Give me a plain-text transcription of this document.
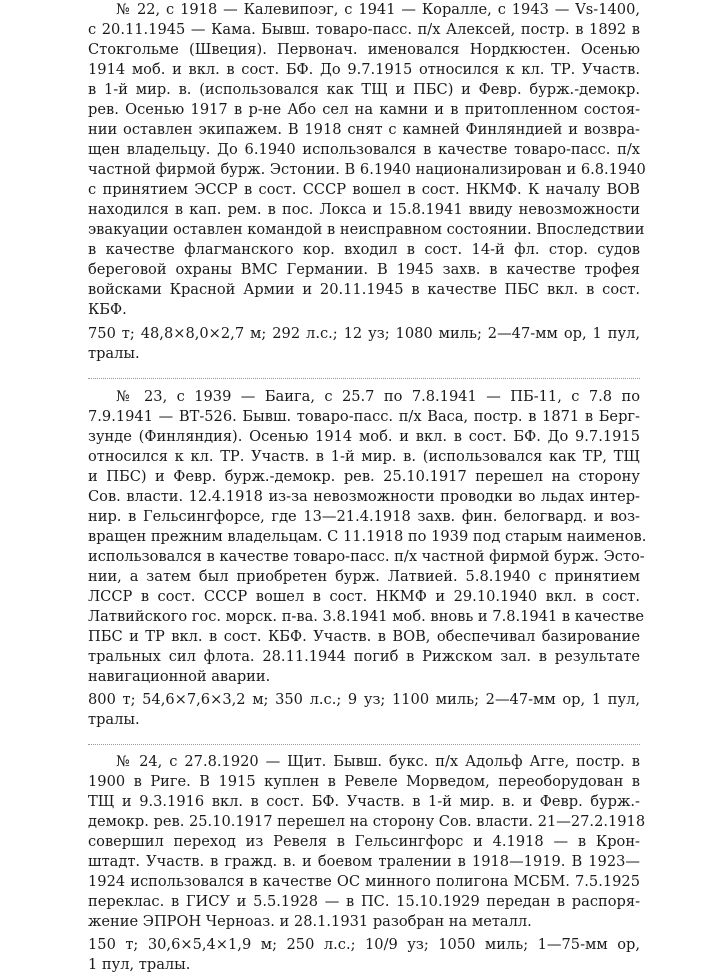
№ 22, с 1918 — Калевипоэг, с 1941 — Коралле, с 1943 — Vs-1400,
с 20.11.1945 — Кама. Бывш. товаро-пасс. п/х Алексей, постр. в 1892 в
Стокгольме (Швеция). Первонач. именовался Нордкюстен. Осенью
1914 моб. и вкл. в сост. БФ. До 9.7.1915 относился к кл. ТР. Участв.
в 1-й мир. в. (использовался как ТЩ и ПБС) и Февр. бурж.-демокр.
рев. Осенью 1917 в р-не Або сел на камни и в притопленном состоя-
нии оставлен экипажем. В 1918 снят с камней Финляндией и возвра-
щен владельцу. До 6.1940 использовался в качестве товаро-пасс. п/х
частной фирмой бурж. Эстонии. В 6.1940 национализирован и 6.8.1940
с принятием ЭССР в сост. СССР вошел в сост. НКМФ. К началу ВОВ
находился в кап. рем. в пос. Локса и 15.8.1941 ввиду невозможности
эвакуации оставлен командой в неисправном состоянии. Впоследствии
в качестве флагманского кор. входил в сост. 14-й фл. стор. судов
береговой охраны ВМС Германии. В 1945 захв. в качестве трофея
войсками Красной Армии и 20.11.1945 в качестве ПБС вкл. в сост.
КБФ.
750 т; 48,8×8,0×2,7 м; 292 л.с.; 12 уз; 1080 миль; 2—47-мм ор, 1 пул,
тралы.
№ 23, с 1939 — Баига, с 25.7 по 7.8.1941 — ПБ-11, с 7.8 по
7.9.1941 — ВТ-526. Бывш. товаро-пасс. п/х Васа, постр. в 1871 в Берг-
зунде (Финляндия). Осенью 1914 моб. и вкл. в сост. БФ. До 9.7.1915
относился к кл. ТР. Участв. в 1-й мир. в. (использовался как ТР, ТЩ
и ПБС) и Февр. бурж.-демокр. рев. 25.10.1917 перешел на сторону
Сов. власти. 12.4.1918 из-за невозможности проводки во льдах интер-
нир. в Гельсингфорсе, где 13—21.4.1918 захв. фин. белогвард. и воз-
вращен прежним владельцам. С 11.1918 по 1939 под старым наименов.
использовался в качестве товаро-пасс. п/х частной фирмой бурж. Эсто-
нии, а затем был приобретен бурж. Латвией. 5.8.1940 с принятием
ЛССР в сост. СССР вошел в сост. НКМФ и 29.10.1940 вкл. в сост.
Латвийского гос. морск. п-ва. 3.8.1941 моб. вновь и 7.8.1941 в качестве
ПБС и ТР вкл. в сост. КБФ. Участв. в ВОВ, обеспечивал базирование
тральных сил флота. 28.11.1944 погиб в Рижском зал. в результате
навигационной аварии.
800 т; 54,6×7,6×3,2 м; 350 л.с.; 9 уз; 1100 миль; 2—47-мм ор, 1 пул,
тралы.
№ 24, с 27.8.1920 — Щит. Бывш. букс. п/х Адольф Агге, постр. в
1900 в Риге. В 1915 куплен в Ревеле Морведом, переоборудован в
ТЩ и 9.3.1916 вкл. в сост. БФ. Участв. в 1-й мир. в. и Февр. бурж.-
демокр. рев. 25.10.1917 перешел на сторону Сов. власти. 21—27.2.1918
совершил переход из Ревеля в Гельсингфорс и 4.1918 — в Крон-
штадт. Участв. в гражд. в. и боевом тралении в 1918—1919. В 1923—
1924 использовался в качестве ОС минного полигона МСБМ. 7.5.1925
переклас. в ГИСУ и 5.5.1928 — в ПС. 15.10.1929 передан в распоря-
жение ЭПРОН Черноаз. и 28.1.1931 разобран на металл.
150 т; 30,6×5,4×1,9 м; 250 л.с.; 10/9 уз; 1050 миль; 1—75-мм ор,
1 пул, тралы.
